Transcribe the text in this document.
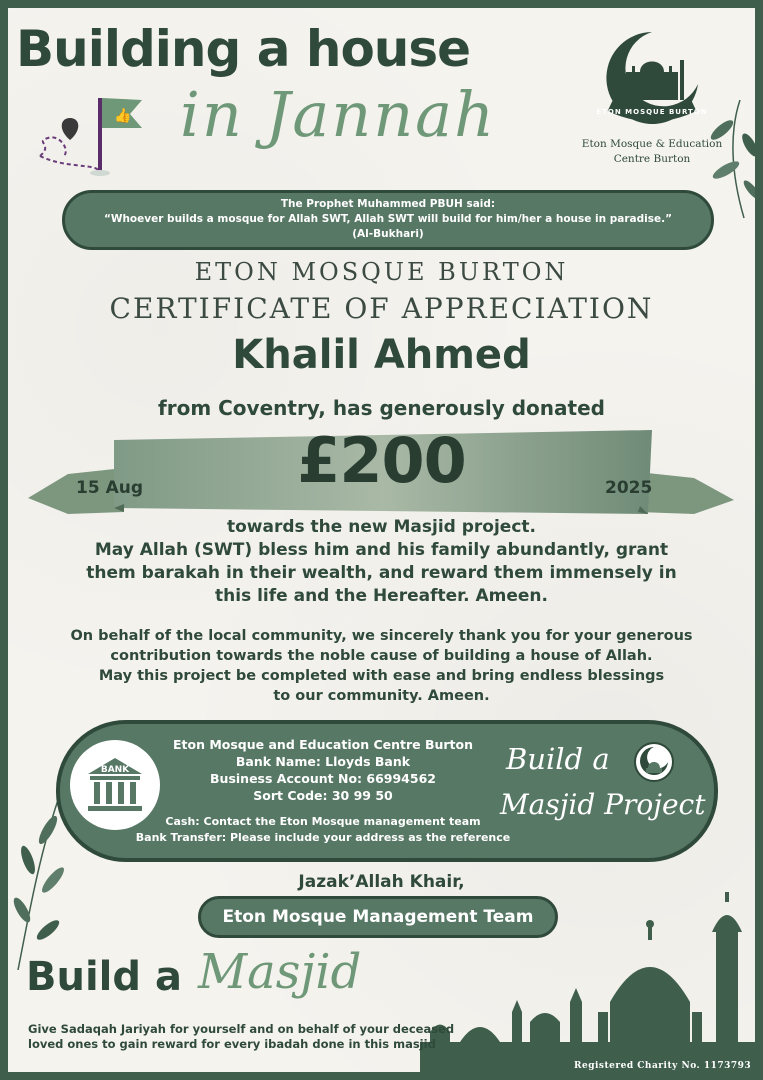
Building a house
in Jannah
👍	ETON MOSQUE BURTON
Eton Mosque & Education
Centre Burton
The Prophet Muhammed PBUH said:
“Whoever builds a mosque for Allah SWT, Allah SWT will build for him/her a house in paradise.”
(Al-Bukhari)
ETON MOSQUE BURTON
CERTIFICATE OF APPRECIATION
Khalil Ahmed
from Coventry, has generously donated
£200
15 Aug	2025
towards the new Masjid project.
May Allah (SWT) bless him and his family abundantly, grant
them barakah in their wealth, and reward them immensely in
this life and the Hereafter. Ameen.
On behalf of the local community, we sincerely thank you for your generous
contribution towards the noble cause of building a house of Allah.
May this project be completed with ease and bring endless blessings
to our community. Ameen.
BANK
Eton Mosque and Education Centre Burton
Bank Name: Lloyds Bank
Business Account No: 66994562
Sort Code: 30 99 50
Cash: Contact the Eton Mosque management team
Bank Transfer: Please include your address as the reference
Build a
Masjid Project
Jazak’Allah Khair,
Eton Mosque Management Team
Build a Masjid
Give Sadaqah Jariyah for yourself and on behalf of your deceased
loved ones to gain reward for every ibadah done in this masjid
Registered Charity No. 1173793
